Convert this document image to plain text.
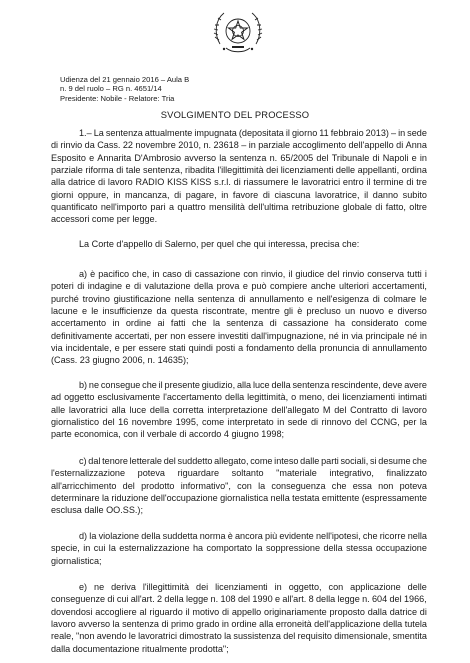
Udienza del 21 gennaio 2016 – Aula B
n. 9 del ruolo – RG n. 4651/14
Presidente: Nobile - Relatore: Tria
SVOLGIMENTO DEL PROCESSO
1.– La sentenza attualmente impugnata (depositata il giorno 11 febbraio 2013) – in sede
di rinvio da Cass. 22 novembre 2010, n. 23618 – in parziale accoglimento dell'appello di Anna
Esposito e Annarita D'Ambrosio avverso la sentenza n. 65/2005 del Tribunale di Napoli e in
parziale riforma di tale sentenza, ribadita l'illegittimità dei licenziamenti delle appellanti, ordina
alla datrice di lavoro RADIO KISS KISS s.r.l. di riassumere le lavoratrici entro il termine di tre
giorni oppure, in mancanza, di pagare, in favore di ciascuna lavoratrice, il danno subito
quantificato nell'importo pari a quattro mensilità dell'ultima retribuzione globale di fatto, oltre
accessori come per legge.
La Corte d'appello di Salerno, per quel che qui interessa, precisa che:
a) è pacifico che, in caso di cassazione con rinvio, il giudice del rinvio conserva tutti i
poteri di indagine e di valutazione della prova e può compiere anche ulteriori accertamenti,
purché trovino giustificazione nella sentenza di annullamento e nell'esigenza di colmare le
lacune e le insufficienze da questa riscontrate, mentre gli è precluso un nuovo e diverso
accertamento in ordine ai fatti che la sentenza di cassazione ha considerato come
definitivamente accertati, per non essere investiti dall'impugnazione, né in via principale né in
via incidentale, e per essere stati quindi posti a fondamento della pronuncia di annullamento
(Cass. 23 giugno 2006, n. 14635);
b) ne consegue che il presente giudizio, alla luce della sentenza rescindente, deve avere
ad oggetto esclusivamente l'accertamento della legittimità, o meno, dei licenziamenti intimati
alle lavoratrici alla luce della corretta interpretazione dell'allegato M del Contratto di lavoro
giornalistico del 16 novembre 1995, come interpretato in sede di rinnovo del CCNG, per la
parte economica, con il verbale di accordo 4 giugno 1998;
c) dal tenore letterale del suddetto allegato, come inteso dalle parti sociali, si desume che
l'esternalizzazione poteva riguardare soltanto "materiale integrativo, finalizzato
all'arricchimento del prodotto informativo", con la conseguenza che essa non poteva
determinare la riduzione dell'occupazione giornalistica nella testata emittente (espressamente
esclusa dalle OO.SS.);
d) la violazione della suddetta norma è ancora più evidente nell'ipotesi, che ricorre nella
specie, in cui la esternalizzazione ha comportato la soppressione della stessa occupazione
giornalistica;
e) ne deriva l'illegittimità dei licenziamenti in oggetto, con applicazione delle
conseguenze di cui all'art. 2 della legge n. 108 del 1990 e all'art. 8 della legge n. 604 del 1966,
dovendosi accogliere al riguardo il motivo di appello originariamente proposto dalla datrice di
lavoro avverso la sentenza di primo grado in ordine alla erroneità dell'applicazione della tutela
reale, "non avendo le lavoratrici dimostrato la sussistenza del requisito dimensionale, smentita
dalla documentazione ritualmente prodotta";
